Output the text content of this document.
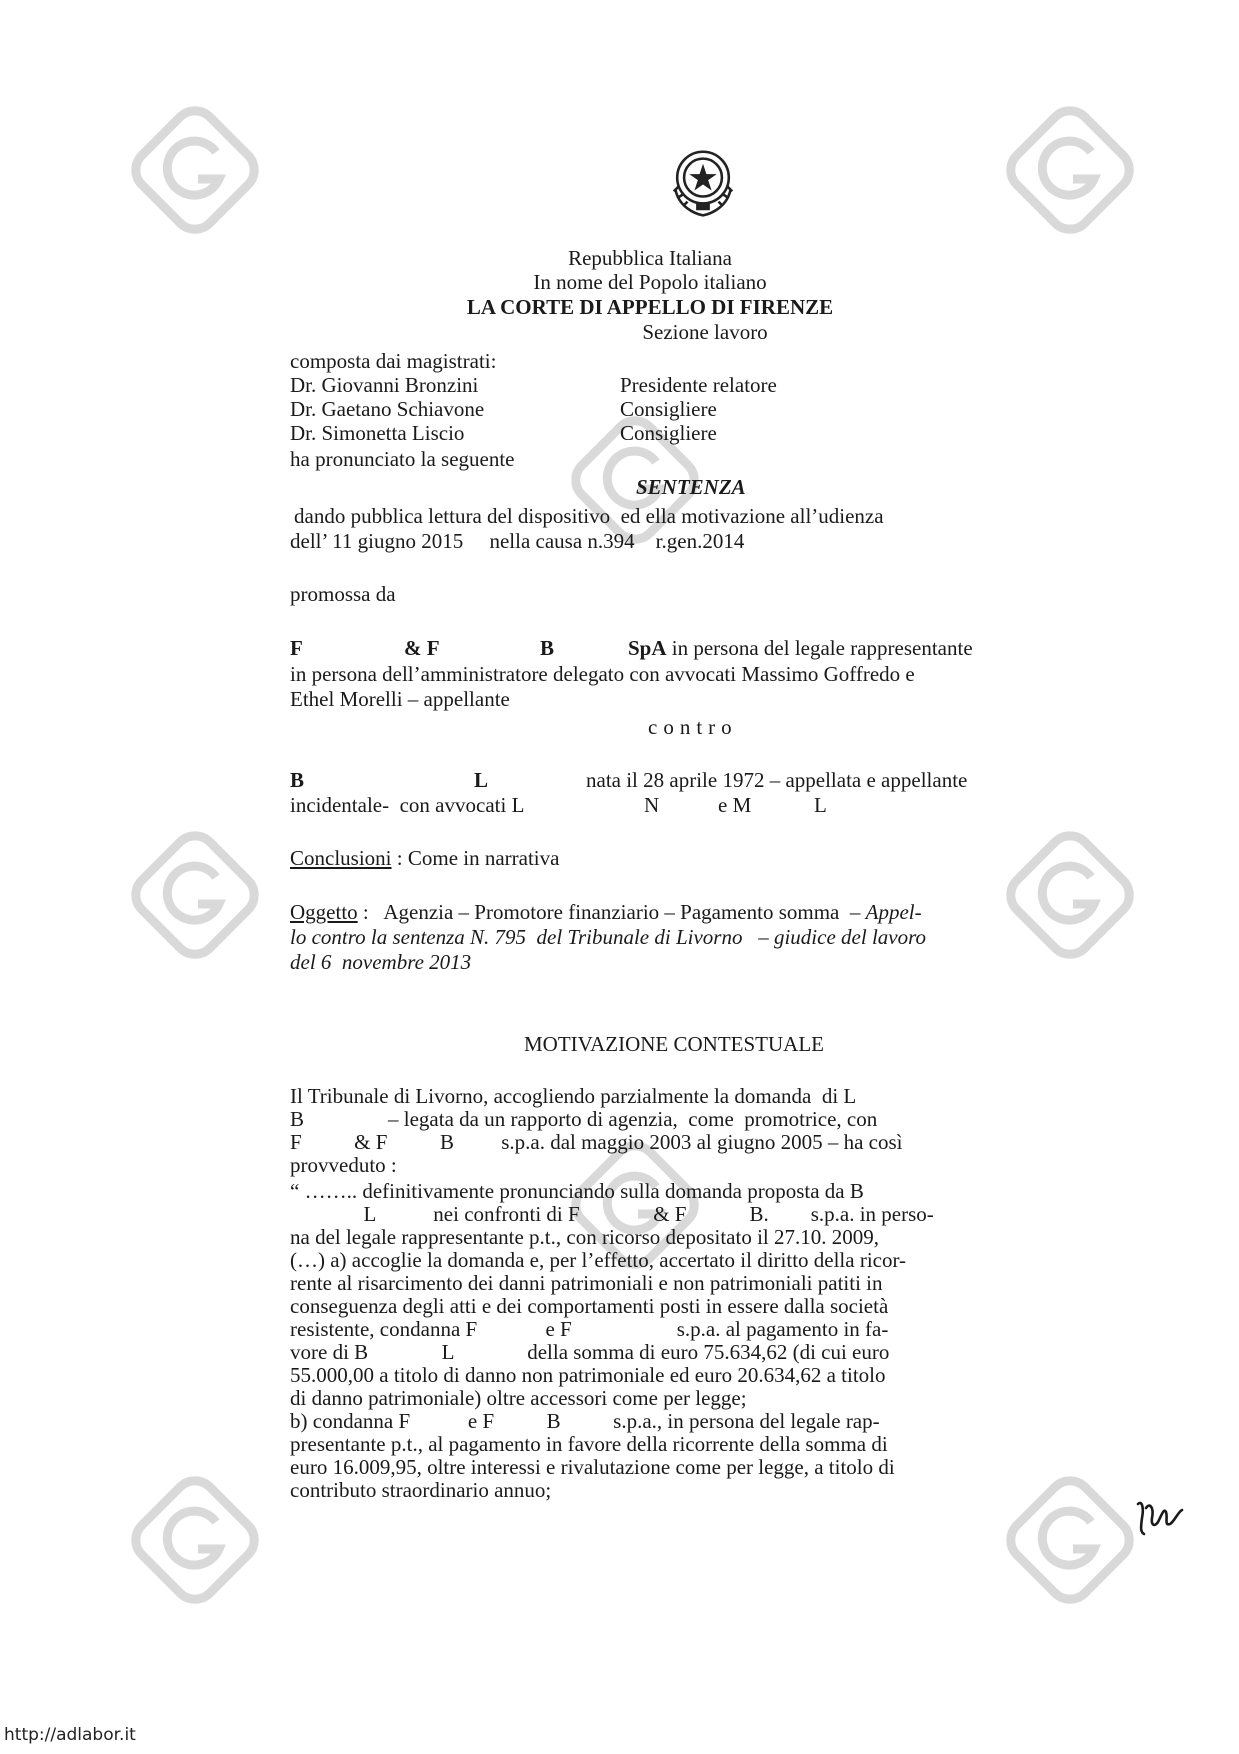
Repubblica Italiana
In nome del Popolo italiano
LA CORTE DI APPELLO DI FIRENZE
Sezione lavoro
composta dai magistrati:
Dr. Giovanni Bronzini	Presidente relatore
Dr. Gaetano Schiavone	Consigliere
Dr. Simonetta Liscio	Consigliere
ha pronunciato la seguente
SENTENZA
dando pubblica lettura del dispositivo  ed ella motivazione all’udienza
dell’ 11 giugno 2015     nella causa n.394    r.gen.2014
promossa da
F	& F	B	SpA in persona del legale rappresentante
in persona dell’amministratore delegato con avvocati Massimo Goffredo e
Ethel Morelli – appellante
contro
B	L	nata il 28 aprile 1972 – appellata e appellante
incidentale-  con avvocati L	N	e M	L
Conclusioni : Come in narrativa
Oggetto :   Agenzia – Promotore finanziario – Pagamento somma  – Appel-
lo contro la sentenza N. 795  del Tribunale di Livorno   – giudice del lavoro
del 6  novembre 2013
MOTIVAZIONE CONTESTUALE
Il Tribunale di Livorno, accogliendo parzialmente la domanda  di L
B                – legata da un rapporto di agenzia,  come  promotrice, con
F          & F          B         s.p.a. dal maggio 2003 al giugno 2005 – ha così
provveduto :
“ …….. definitivamente pronunciando sulla domanda proposta da B
L           nei confronti di F              & F            B.        s.p.a. in perso-
na del legale rappresentante p.t., con ricorso depositato il 27.10. 2009,
(…) a) accoglie la domanda e, per l’effetto, accertato il diritto della ricor-
rente al risarcimento dei danni patrimoniali e non patrimoniali patiti in
conseguenza degli atti e dei comportamenti posti in essere dalla società
resistente, condanna F             e F                    s.p.a. al pagamento in fa-
vore di B              L              della somma di euro 75.634,62 (di cui euro
55.000,00 a titolo di danno non patrimoniale ed euro 20.634,62 a titolo
di danno patrimoniale) oltre accessori come per legge;
b) condanna F           e F          B          s.p.a., in persona del legale rap-
presentante p.t., al pagamento in favore della ricorrente della somma di
euro 16.009,95, oltre interessi e rivalutazione come per legge, a titolo di
contributo straordinario annuo;
http://adlabor.it
